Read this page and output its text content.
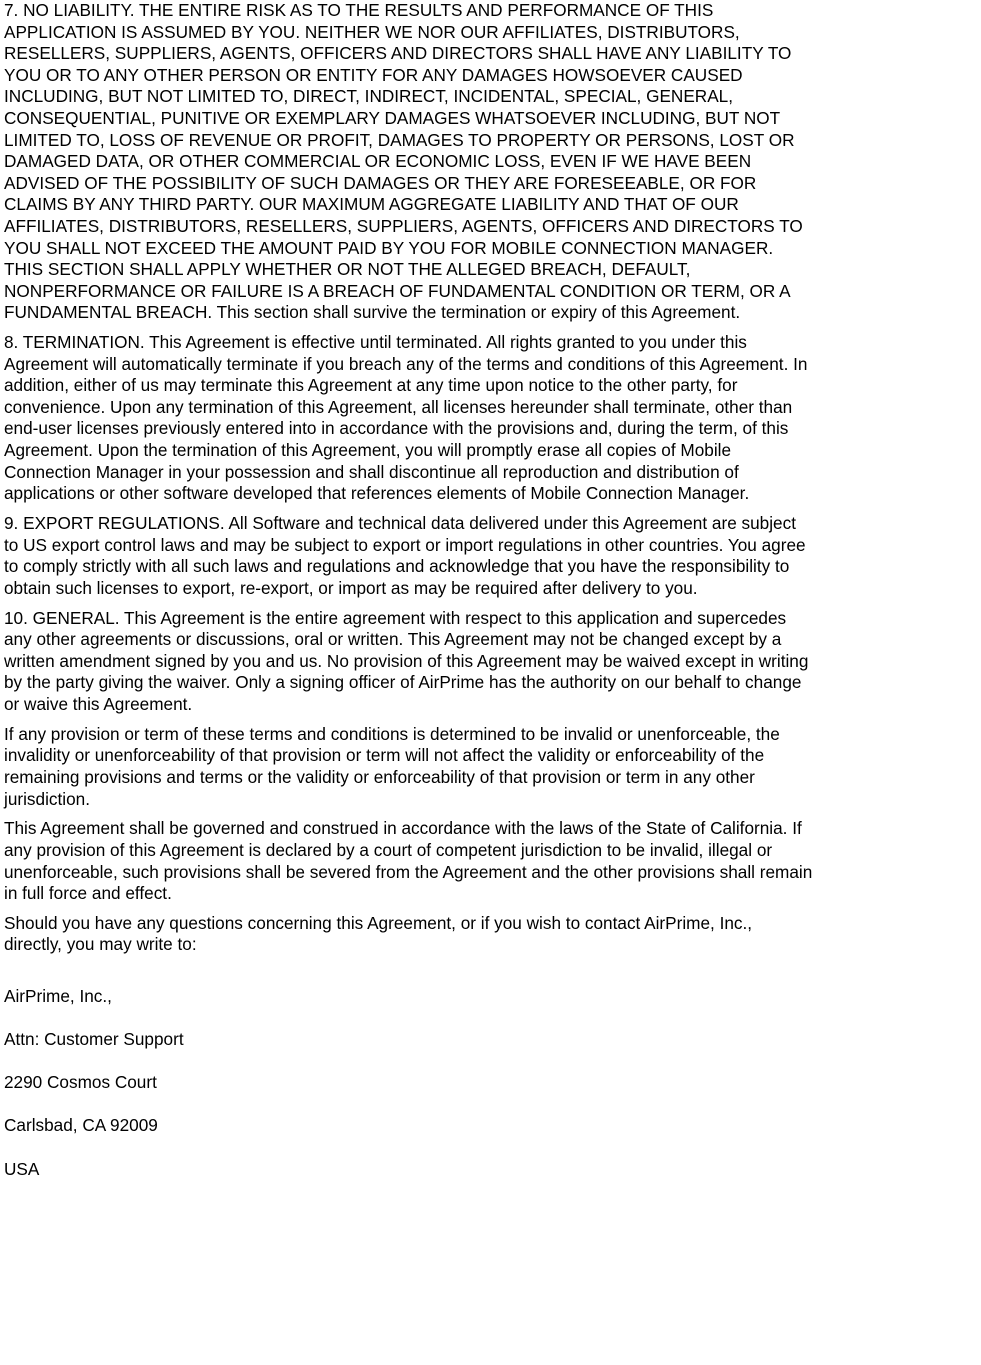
7. NO LIABILITY. THE ENTIRE RISK AS TO THE RESULTS AND PERFORMANCE OF THIS
APPLICATION IS ASSUMED BY YOU. NEITHER WE NOR OUR AFFILIATES, DISTRIBUTORS,
RESELLERS, SUPPLIERS, AGENTS, OFFICERS AND DIRECTORS SHALL HAVE ANY LIABILITY TO
YOU OR TO ANY OTHER PERSON OR ENTITY FOR ANY DAMAGES HOWSOEVER CAUSED
INCLUDING, BUT NOT LIMITED TO, DIRECT, INDIRECT, INCIDENTAL, SPECIAL, GENERAL,
CONSEQUENTIAL, PUNITIVE OR EXEMPLARY DAMAGES WHATSOEVER INCLUDING, BUT NOT
LIMITED TO, LOSS OF REVENUE OR PROFIT, DAMAGES TO PROPERTY OR PERSONS, LOST OR
DAMAGED DATA, OR OTHER COMMERCIAL OR ECONOMIC LOSS, EVEN IF WE HAVE BEEN
ADVISED OF THE POSSIBILITY OF SUCH DAMAGES OR THEY ARE FORESEEABLE, OR FOR
CLAIMS BY ANY THIRD PARTY. OUR MAXIMUM AGGREGATE LIABILITY AND THAT OF OUR
AFFILIATES, DISTRIBUTORS, RESELLERS, SUPPLIERS, AGENTS, OFFICERS AND DIRECTORS TO
YOU SHALL NOT EXCEED THE AMOUNT PAID BY YOU FOR MOBILE CONNECTION MANAGER.
THIS SECTION SHALL APPLY WHETHER OR NOT THE ALLEGED BREACH, DEFAULT,
NONPERFORMANCE OR FAILURE IS A BREACH OF FUNDAMENTAL CONDITION OR TERM, OR A
FUNDAMENTAL BREACH. This section shall survive the termination or expiry of this Agreement.

8. TERMINATION. This Agreement is effective until terminated. All rights granted to you under this
Agreement will automatically terminate if you breach any of the terms and conditions of this Agreement. In
addition, either of us may terminate this Agreement at any time upon notice to the other party, for
convenience. Upon any termination of this Agreement, all licenses hereunder shall terminate, other than
end-user licenses previously entered into in accordance with the provisions and, during the term, of this
Agreement. Upon the termination of this Agreement, you will promptly erase all copies of Mobile
Connection Manager in your possession and shall discontinue all reproduction and distribution of
applications or other software developed that references elements of Mobile Connection Manager.

9. EXPORT REGULATIONS. All Software and technical data delivered under this Agreement are subject
to US export control laws and may be subject to export or import regulations in other countries. You agree
to comply strictly with all such laws and regulations and acknowledge that you have the responsibility to
obtain such licenses to export, re-export, or import as may be required after delivery to you.

10. GENERAL. This Agreement is the entire agreement with respect to this application and supercedes
any other agreements or discussions, oral or written. This Agreement may not be changed except by a
written amendment signed by you and us. No provision of this Agreement may be waived except in writing
by the party giving the waiver. Only a signing officer of AirPrime has the authority on our behalf to change
or waive this Agreement.

If any provision or term of these terms and conditions is determined to be invalid or unenforceable, the
invalidity or unenforceability of that provision or term will not affect the validity or enforceability of the
remaining provisions and terms or the validity or enforceability of that provision or term in any other
jurisdiction.

This Agreement shall be governed and construed in accordance with the laws of the State of California. If
any provision of this Agreement is declared by a court of competent jurisdiction to be invalid, illegal or
unenforceable, such provisions shall be severed from the Agreement and the other provisions shall remain
in full force and effect.

Should you have any questions concerning this Agreement, or if you wish to contact AirPrime, Inc.,
directly, you may write to:

AirPrime, Inc.,

Attn: Customer Support

2290 Cosmos Court

Carlsbad, CA 92009

USA
